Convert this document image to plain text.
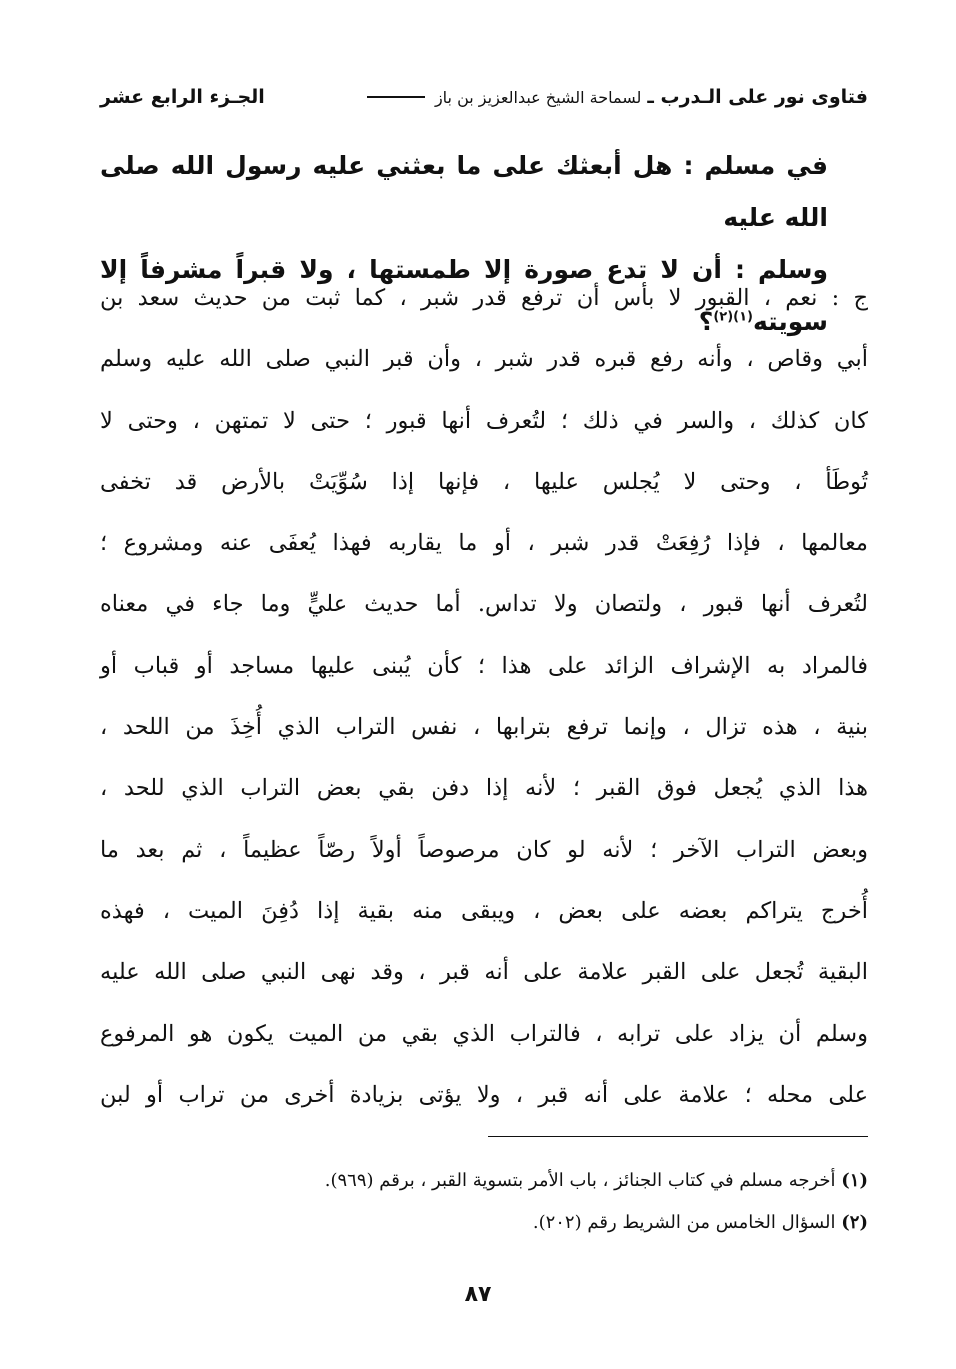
فتاوى نور على الـدرب ـ
لسماحة الشيخ عبدالعزيز بن باز
الجـزء الرابع عشر
في مسلم : هل أبعثك على ما بعثني عليه رسول الله صلى الله عليه
وسلم : أن لا تدع صورة إلا طمستها ، ولا قبراً مشرفاً إلا سويته$^{(١)(٢)}$؟
ج : نعم ، القبور لا بأس أن ترفع قدر شبر ، كما ثبت من حديث سعد بن
أبي وقاص ، وأنه رفع قبره قدر شبر ، وأن قبر النبي صلى الله عليه وسلم
كان كذلك ، والسر في ذلك ؛ لتُعرف أنها قبور ؛ حتى لا تمتهن ، وحتى لا
تُوطَأ ، وحتى لا يُجلس عليها ، فإنها إذا سُوِّيَتْ بالأرض قد تخفى
معالمها ، فإذا رُفِعَتْ قدر شبر ، أو ما يقاربه فهذا يُعفَى عنه ومشروع ؛
لتُعرف أنها قبور ، ولتصان ولا تداس. أما حديث عليٍّ وما جاء في معناه
فالمراد به الإشراف الزائد على هذا ؛ كأن يُبنى عليها مساجد أو قباب أو
بنية ، هذه تزال ، وإنما ترفع بترابها ، نفس التراب الذي أُخِذَ من اللحد ،
هذا الذي يُجعل فوق القبر ؛ لأنه إذا دفن بقي بعض التراب الذي للحد ،
وبعض التراب الآخر ؛ لأنه لو كان مرصوصاً أولاً رصّاً عظيماً ، ثم بعد ما
أُخرج يتراكم بعضه على بعض ، ويبقى منه بقية إذا دُفِنَ الميت ، فهذه
البقية تُجعل على القبر علامة على أنه قبر ، وقد نهى النبي صلى الله عليه
وسلم أن يزاد على ترابه ، فالتراب الذي بقي من الميت يكون هو المرفوع
على محله ؛ علامة على أنه قبر ، ولا يؤتى بزيادة أخرى من تراب أو لبن
(١) أخرجه مسلم في كتاب الجنائز ، باب الأمر بتسوية القبر ، برقم (٩٦٩).
(٢) السؤال الخامس من الشريط رقم (٢٠٢).
٨٧
